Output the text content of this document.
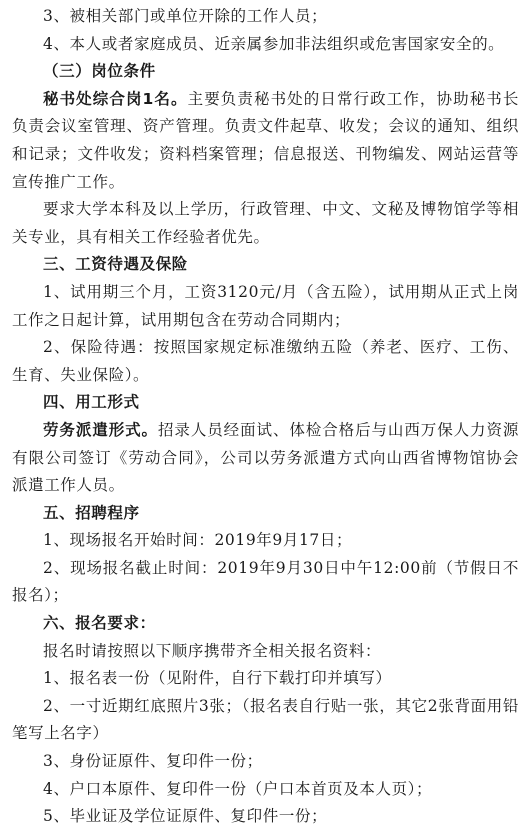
3、被相关部门或单位开除的工作人员；

4、本人或者家庭成员、近亲属参加非法组织或危害国家安全的。

（三）岗位条件

秘书处综合岗1名。主要负责秘书处的日常行政工作，协助秘书长负责会议室管理、资产管理。负责文件起草、收发；会议的通知、组织和记录；文件收发；资料档案管理；信息报送、刊物编发、网站运营等宣传推广工作。

要求大学本科及以上学历，行政管理、中文、文秘及博物馆学等相关专业，具有相关工作经验者优先。

三、工资待遇及保险

1、试用期三个月，工资3120元/月（含五险），试用期从正式上岗工作之日起计算，试用期包含在劳动合同期内；

2、保险待遇：按照国家规定标准缴纳五险（养老、医疗、工伤、生育、失业保险）。

四、用工形式

劳务派遣形式。招录人员经面试、体检合格后与山西万保人力资源有限公司签订《劳动合同》，公司以劳务派遣方式向山西省博物馆协会派遣工作人员。

五、招聘程序

1、现场报名开始时间：2019年9月17日；

2、现场报名截止时间：2019年9月30日中午12:00前（节假日不报名）；

六、报名要求：

报名时请按照以下顺序携带齐全相关报名资料：

1、报名表一份（见附件，自行下载打印并填写）

2、一寸近期红底照片3张；（报名表自行贴一张，其它2张背面用铅笔写上名字）

3、身份证原件、复印件一份；

4、户口本原件、复印件一份（户口本首页及本人页）；

5、毕业证及学位证原件、复印件一份；
